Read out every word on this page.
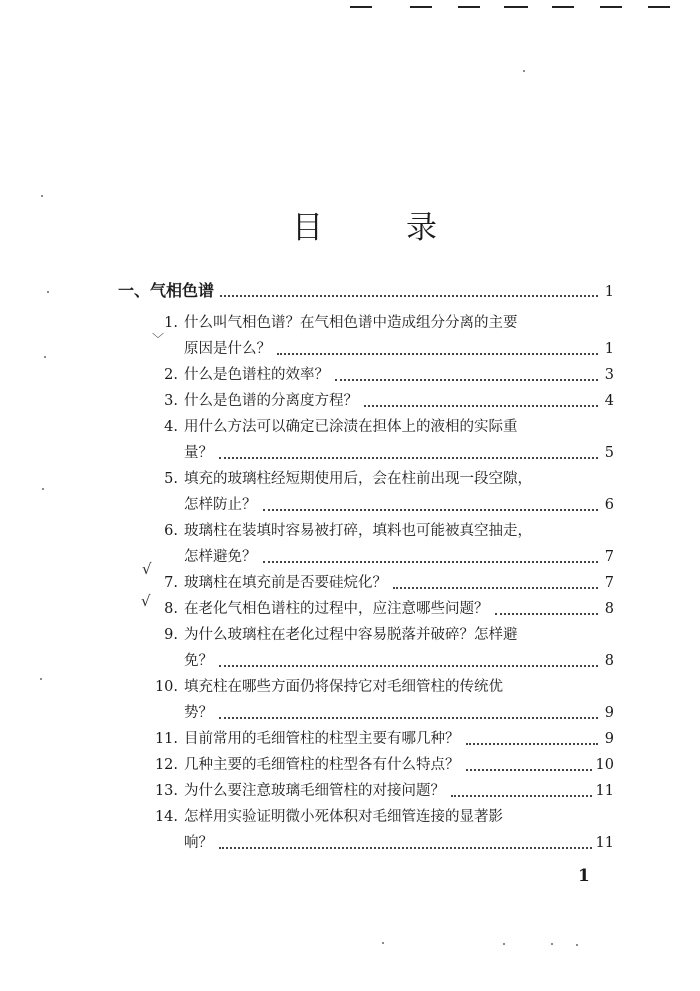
目	录
一、气相色谱	1
1. 什么叫气相色谱？在气相色谱中造成组分分离的主要
原因是什么？	1
2. 什么是色谱柱的效率？	3
3. 什么是色谱的分离度方程？	4
4. 用什么方法可以确定已涂渍在担体上的液相的实际重
量？	5
5. 填充的玻璃柱经短期使用后，会在柱前出现一段空隙，
怎样防止？	6
6. 玻璃柱在装填时容易被打碎，填料也可能被真空抽走，
怎样避免？	7
7. 玻璃柱在填充前是否要硅烷化？	7
8. 在老化气相色谱柱的过程中，应注意哪些问题？	8
9. 为什么玻璃柱在老化过程中容易脱落并破碎？怎样避
免？	8
10. 填充柱在哪些方面仍将保持它对毛细管柱的传统优
势？	9
11. 目前常用的毛细管柱的柱型主要有哪几种？	9
12. 几种主要的毛细管柱的柱型各有什么特点？	10
13. 为什么要注意玻璃毛细管柱的对接问题？	11
14. 怎样用实验证明微小死体积对毛细管连接的显著影
响？	11
1
√
√
﹀
